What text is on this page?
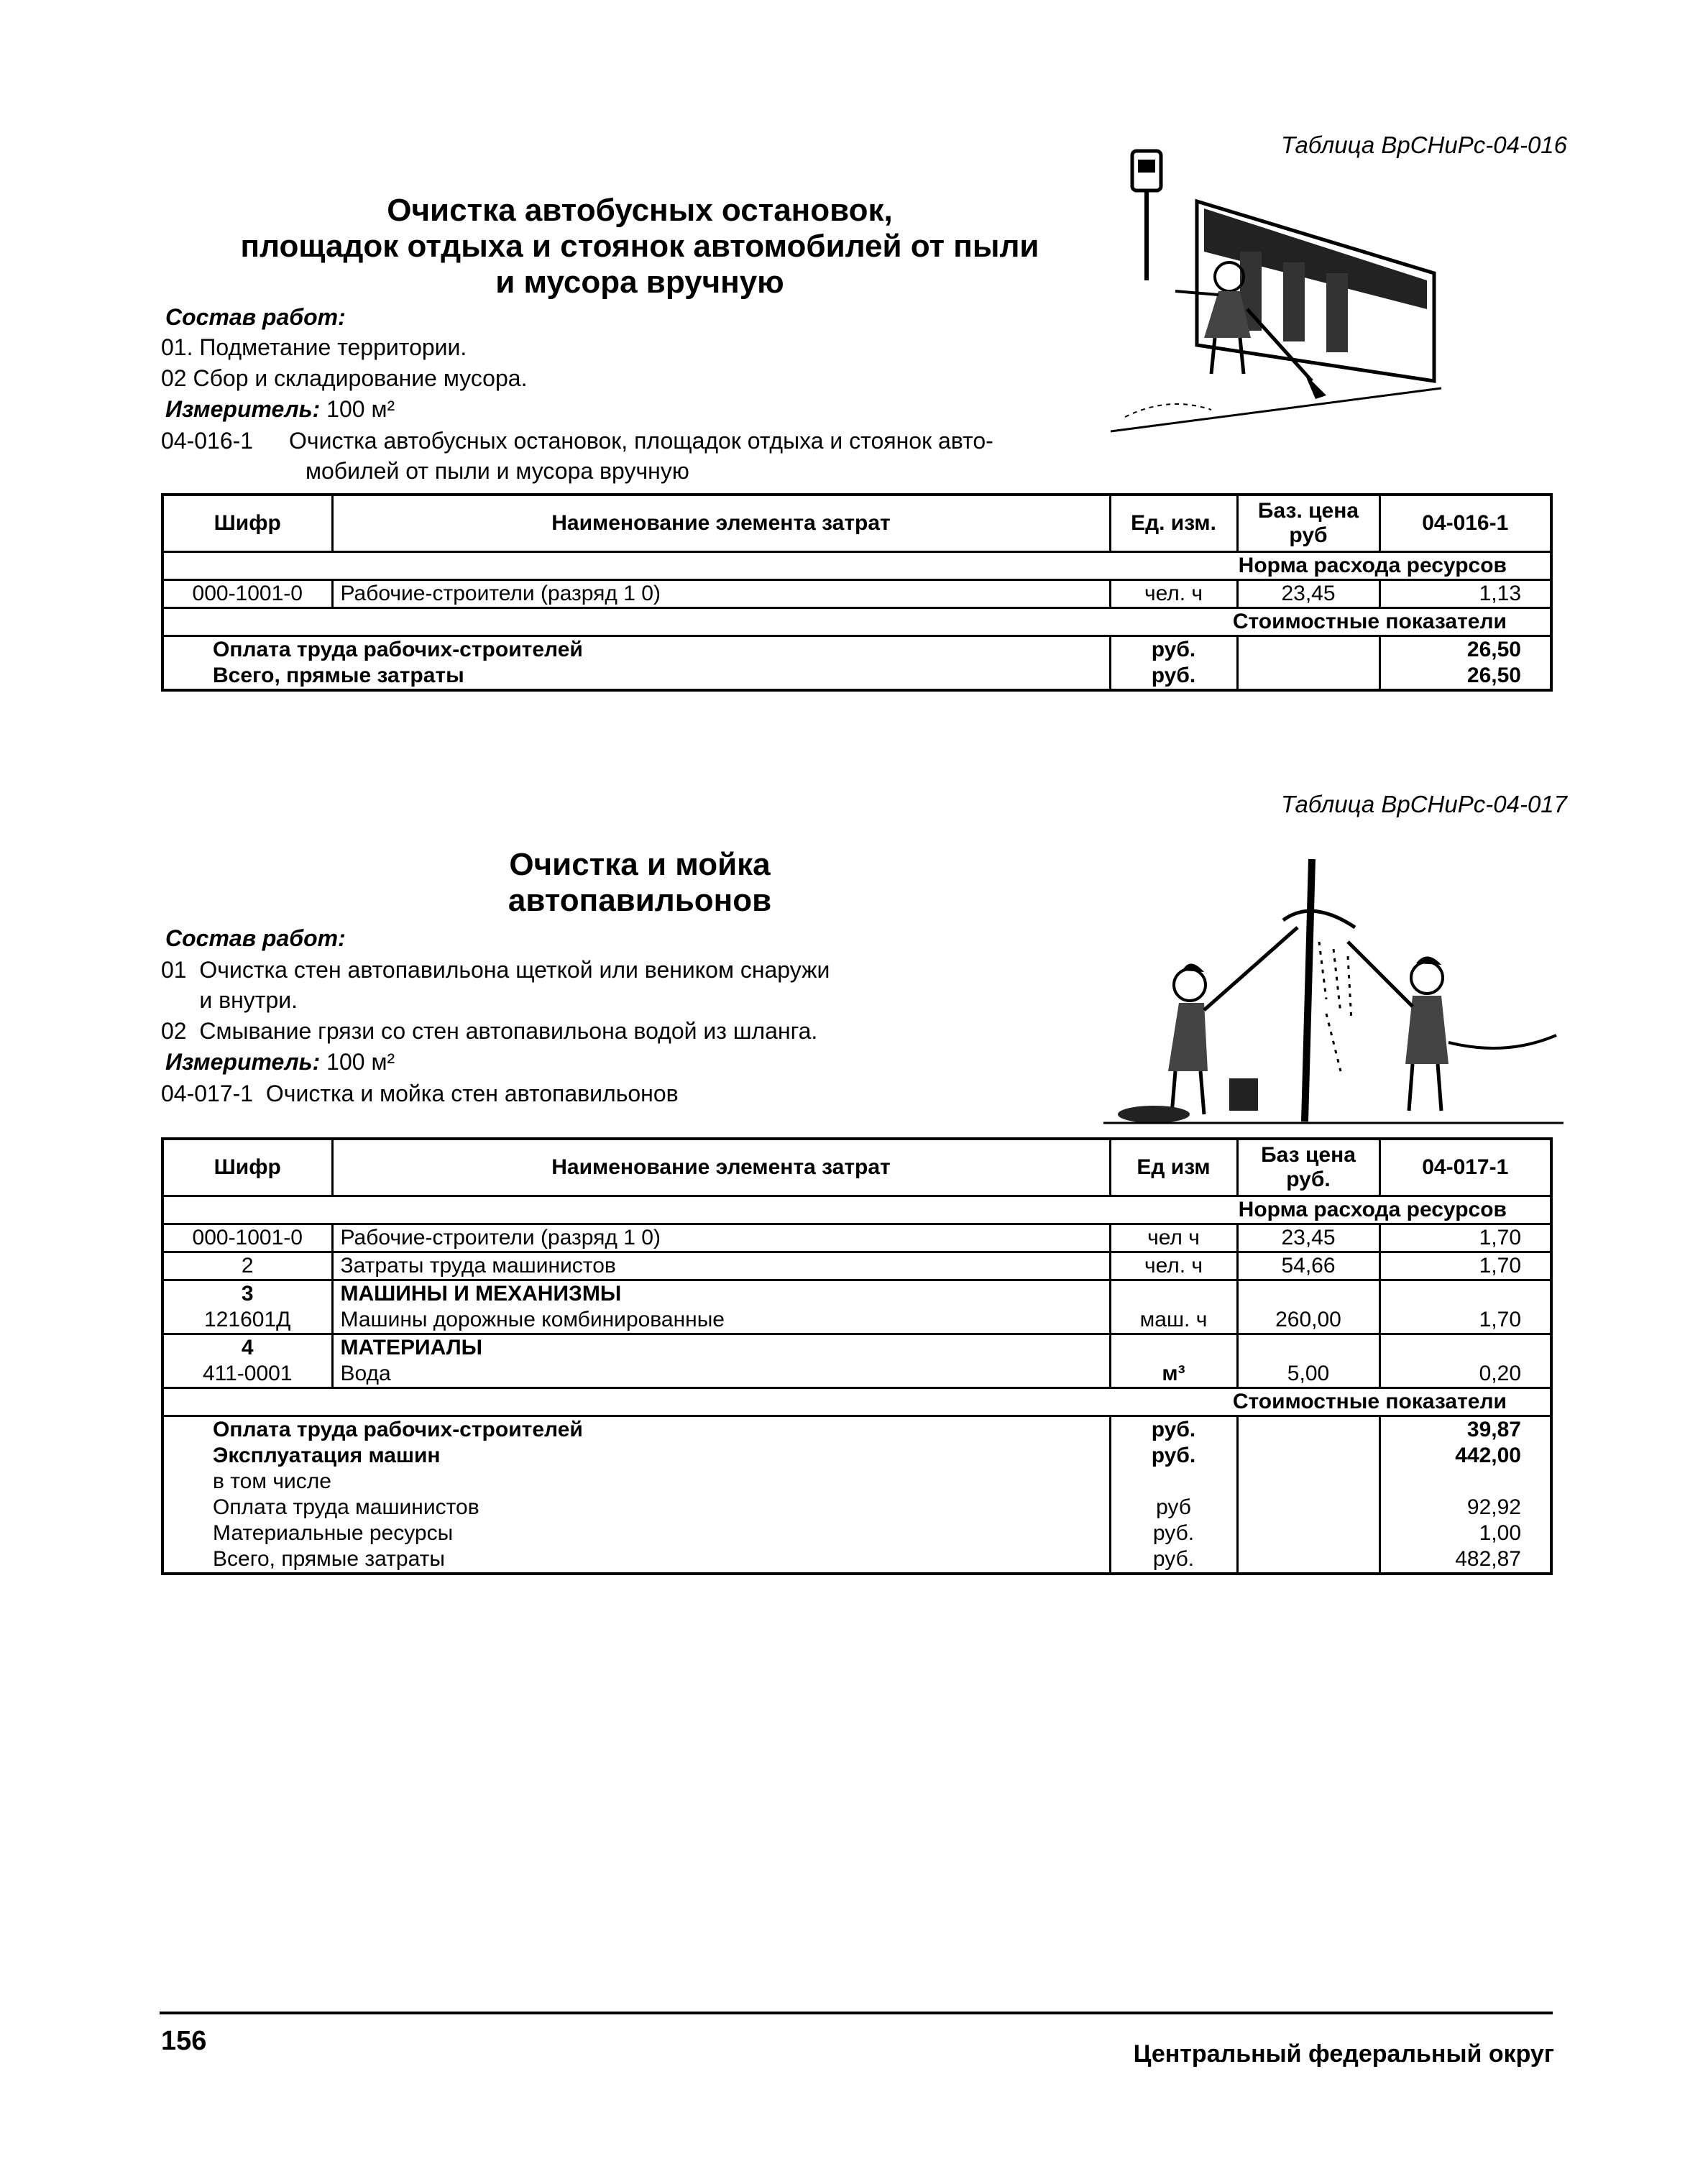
Таблица ВрСНиРс-04-016
Очистка автобусных остановок,
площадок отдыха и стоянок автомобилей от пыли
и мусора вручную
Состав работ:
01. Подметание территории.
02 Сбор и складирование мусора.
Измеритель: 100 м²
04-016-1 Очистка автобусных остановок, площадок отдыха и стоянок авто-
мобилей от пыли и мусора вручную
Шифр	Наименование элемента затрат	Ед. изм.	Баз. цена руб	04-016-1
Норма расхода ресурсов				
000-1001-0	Рабочие-строители (разряд 1 0)	чел. ч	23,45	1,13
Стоимостные показатели				
Оплата труда рабочих-строителей		руб.		26,50
Всего, прямые затраты		руб.		26,50
Таблица ВрСНиРс-04-017
Очистка и мойка
автопавильонов
Состав работ:
01  Очистка стен автопавильона щеткой или веником снаружи
и внутри.
02  Смывание грязи со стен автопавильона водой из шланга.
Измеритель: 100 м²
04-017-1  Очистка и мойка стен автопавильонов
Шифр	Наименование элемента затрат	Ед изм	Баз цена руб.	04-017-1
Норма расхода ресурсов				
000-1001-0	Рабочие-строители (разряд 1 0)	чел ч	23,45	1,70
2	Затраты труда машинистов	чел. ч	54,66	1,70
3	МАШИНЫ И МЕХАНИЗМЫ			
121601Д	Машины дорожные комбинированные	маш. ч	260,00	1,70
4	МАТЕРИАЛЫ			
411-0001	Вода	м³	5,00	0,20
Стоимостные показатели				
Оплата труда рабочих-строителей		руб.		39,87
Эксплуатация машин		руб.		442,00
в том числе				
Оплата труда машинистов		руб		92,92
Материальные ресурсы		руб.		1,00
Всего, прямые затраты		руб.		482,87
156	Центральный федеральный округ
